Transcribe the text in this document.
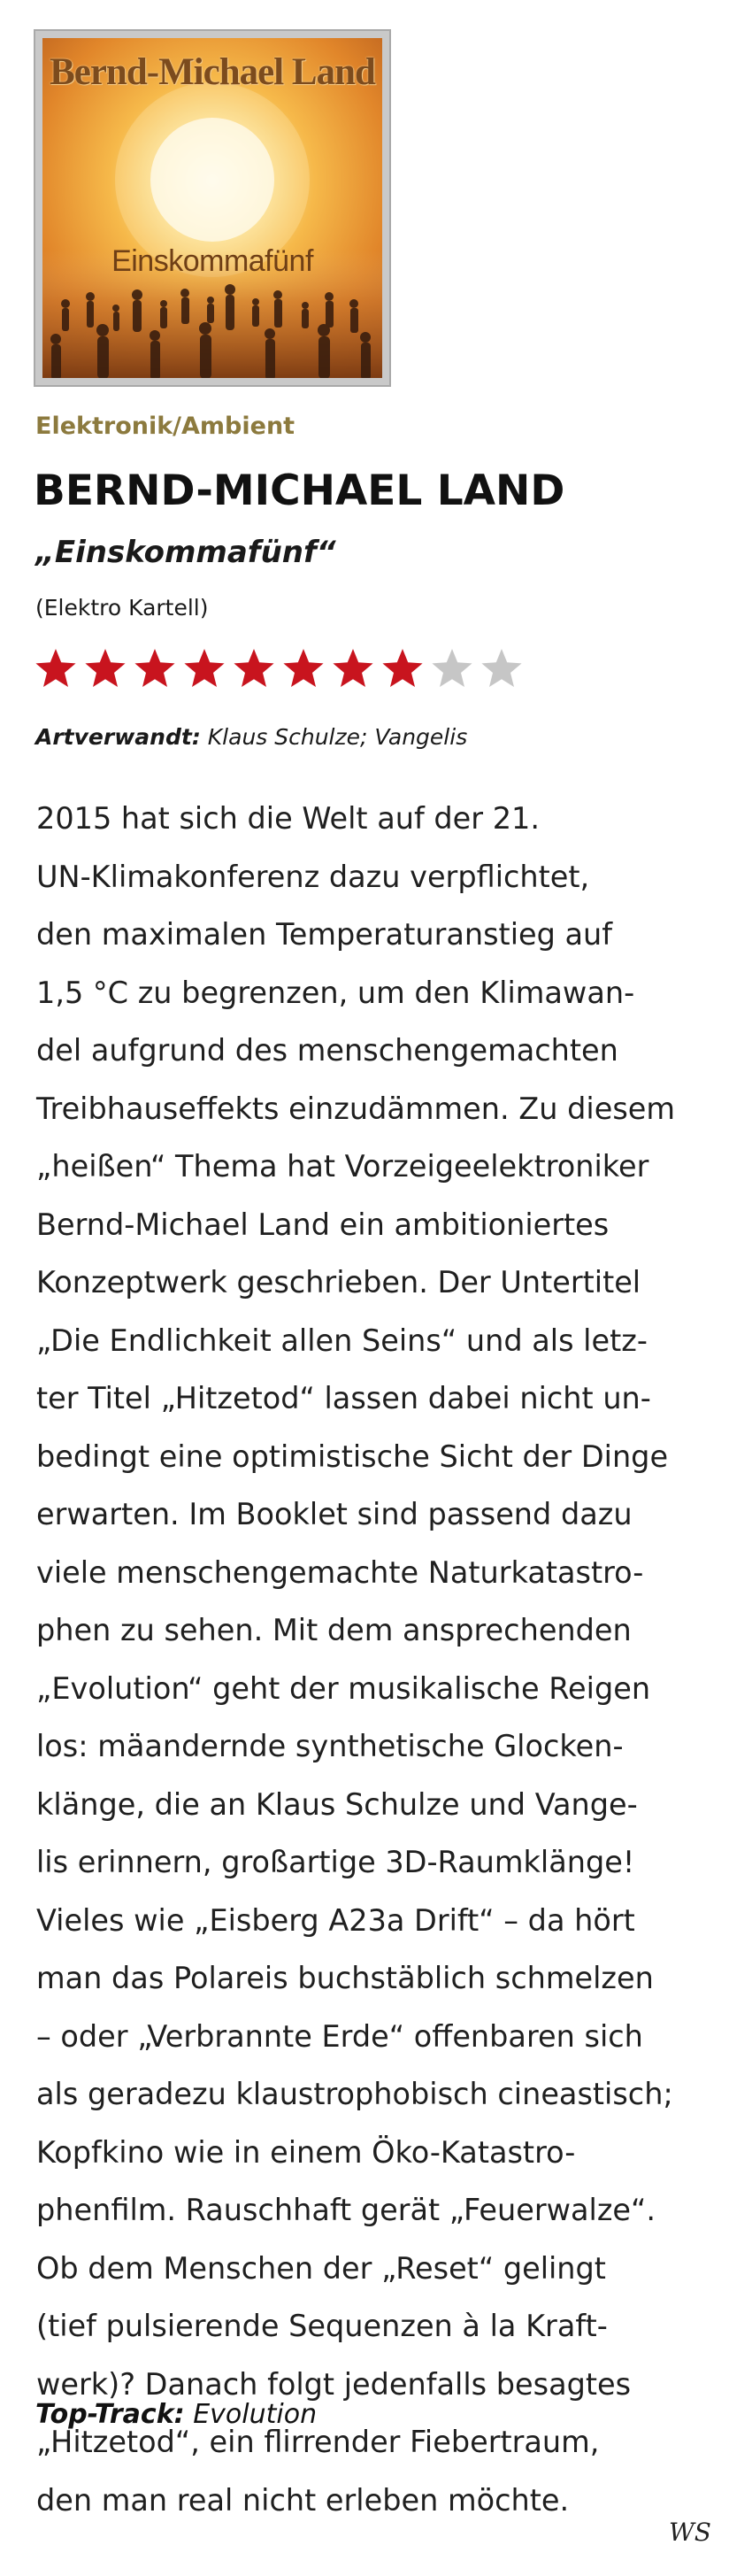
Bernd-Michael Land
Einskommafünf
Elektronik/Ambient
BERND-MICHAEL LAND
„Einskommafünf“
(Elektro Kartell)
Artverwandt: Klaus Schulze; Vangelis
2015 hat sich die Welt auf der 21.
UN-Klimakonferenz dazu verpflichtet,
den maximalen Temperaturanstieg auf
1,5 °C zu begrenzen, um den Klimawan-
del aufgrund des menschengemachten
Treibhauseffekts einzudämmen. Zu diesem
„heißen“ Thema hat Vorzeigeelektroniker
Bernd-Michael Land ein ambitioniertes
Konzeptwerk geschrieben. Der Untertitel
„Die Endlichkeit allen Seins“ und als letz-
ter Titel „Hitzetod“ lassen dabei nicht un-
bedingt eine optimistische Sicht der Dinge
erwarten. Im Booklet sind passend dazu
viele menschengemachte Naturkatastro-
phen zu sehen. Mit dem ansprechenden
„Evolution“ geht der musikalische Reigen
los: mäandernde synthetische Glocken-
klänge, die an Klaus Schulze und Vange-
lis erinnern, großartige 3D-Raumklänge!
Vieles wie „Eisberg A23a Drift“ – da hört
man das Polareis buchstäblich schmelzen
– oder „Verbrannte Erde“ offenbaren sich
als geradezu klaustrophobisch cineastisch;
Kopfkino wie in einem Öko-Katastro-
phenfilm. Rauschhaft gerät „Feuerwalze“.
Ob dem Menschen der „Reset“ gelingt
(tief pulsierende Sequenzen à la Kraft-
werk)? Danach folgt jedenfalls besagtes
„Hitzetod“, ein flirrender Fiebertraum,
den man real nicht erleben möchte.
Top-Track: Evolution
WS
